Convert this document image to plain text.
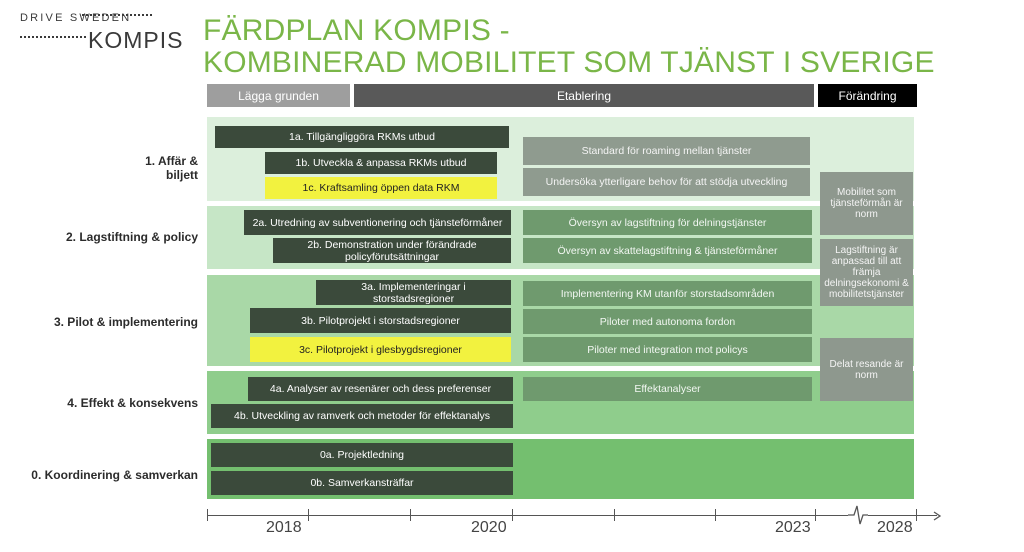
DRIVE SWEDEN
KOMPIS FÄRDPLAN KOMPIS -
KOMBINERAD MOBILITET SOM TJÄNST I SVERIGE
Lägga grunden	Etablering	Förändring
1. Affär &
biljett
2. Lagstiftning & policy
3. Pilot & implementering
4. Effekt & konsekvens
0. Koordinering & samverkan
1a. Tillgängliggöra RKMs utbud
1b. Utveckla & anpassa RKMs utbud
1c. Kraftsamling öppen data RKM
Standard för roaming mellan tjänster
Undersöka ytterligare behov för att stödja utveckling
2a. Utredning av subventionering och tjänsteförmåner
2b. Demonstration under förändrade policyförutsättningar
Översyn av lagstiftning för delningstjänster
Översyn av skattelagstiftning & tjänsteförmåner
3a. Implementeringar i storstadsregioner
3b. Pilotprojekt i storstadsregioner
3c. Pilotprojekt i glesbygdsregioner
Implementering KM utanför storstadsområden
Piloter med autonoma fordon
Piloter med integration mot policys
4a. Analyser av resenärer och dess preferenser
4b. Utveckling av ramverk och metoder för effektanalys
Effektanalyser
0a. Projektledning
0b. Samverkansträffar
Mobilitet som tjänsteförmån är norm
Lagstiftning är anpassad till att främja delningsekonomi & mobilitetstjänster
Delat resande är norm
2018	2020	2023	2028
